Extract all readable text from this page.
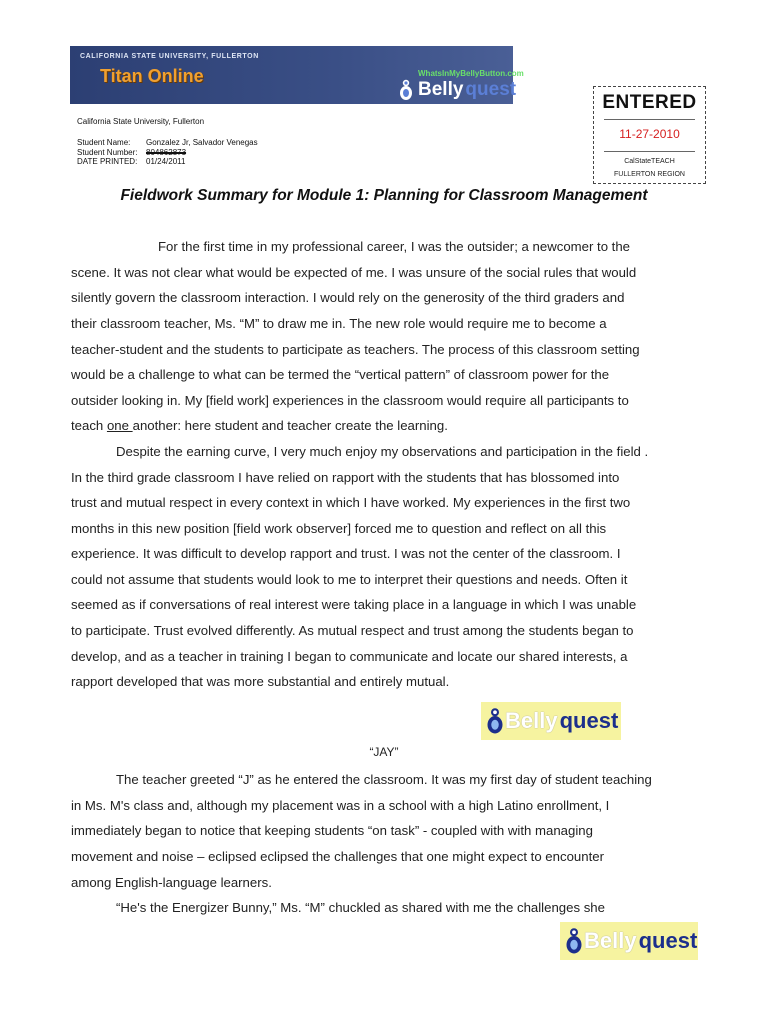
CALIFORNIA STATE UNIVERSITY, FULLERTON
Titan Online	WhatsInMyBellyButton.com
Belly quest
California State University, Fullerton
Student Name: Gonzalez Jr, Salvador Venegas
Student Number: 804862873
DATE PRINTED: 01/24/2011
ENTERED
11-27-2010
CalStateTEACH
FULLERTON REGION
Fieldwork Summary for Module 1: Planning for Classroom Management
For the first time in my professional career, I was the outsider; a newcomer to the
scene. It was not clear what would be expected of me. I was unsure of the social rules that would
silently govern the classroom interaction. I would rely on the generosity of the third graders and
their classroom teacher, Ms. “M” to draw me in. The new role would require me to become a
teacher-student and the students to participate as teachers. The process of this classroom setting
would be a challenge to what can be termed the “vertical pattern” of classroom power for the
outsider looking in. My [field work] experiences in the classroom would require all participants to
teach one another: here student and teacher create the learning.
Despite the earning curve, I very much enjoy my observations and participation in the field .
In the third grade classroom I have relied on rapport with the students that has blossomed into
trust and mutual respect in every context in which I have worked. My experiences in the first two
months in this new position [field work observer] forced me to question and reflect on all this
experience. It was difficult to develop rapport and trust. I was not the center of the classroom. I
could not assume that students would look to me to interpret their questions and needs. Often it
seemed as if conversations of real interest were taking place in a language in which I was unable
to participate. Trust evolved differently. As mutual respect and trust among the students began to
develop, and as a teacher in training I began to communicate and locate our shared interests, a
rapport developed that was more substantial and entirely mutual.
Belly quest
“JAY”
The teacher greeted “J” as he entered the classroom. It was my first day of student teaching
in Ms. M's class and, although my placement was in a school with a high Latino enrollment, I
immediately began to notice that keeping students “on task” - coupled with with managing
movement and noise – eclipsed eclipsed the challenges that one might expect to encounter
among English-language learners.
“He's the Energizer Bunny,” Ms. “M” chuckled as shared with me the challenges she
Belly quest
